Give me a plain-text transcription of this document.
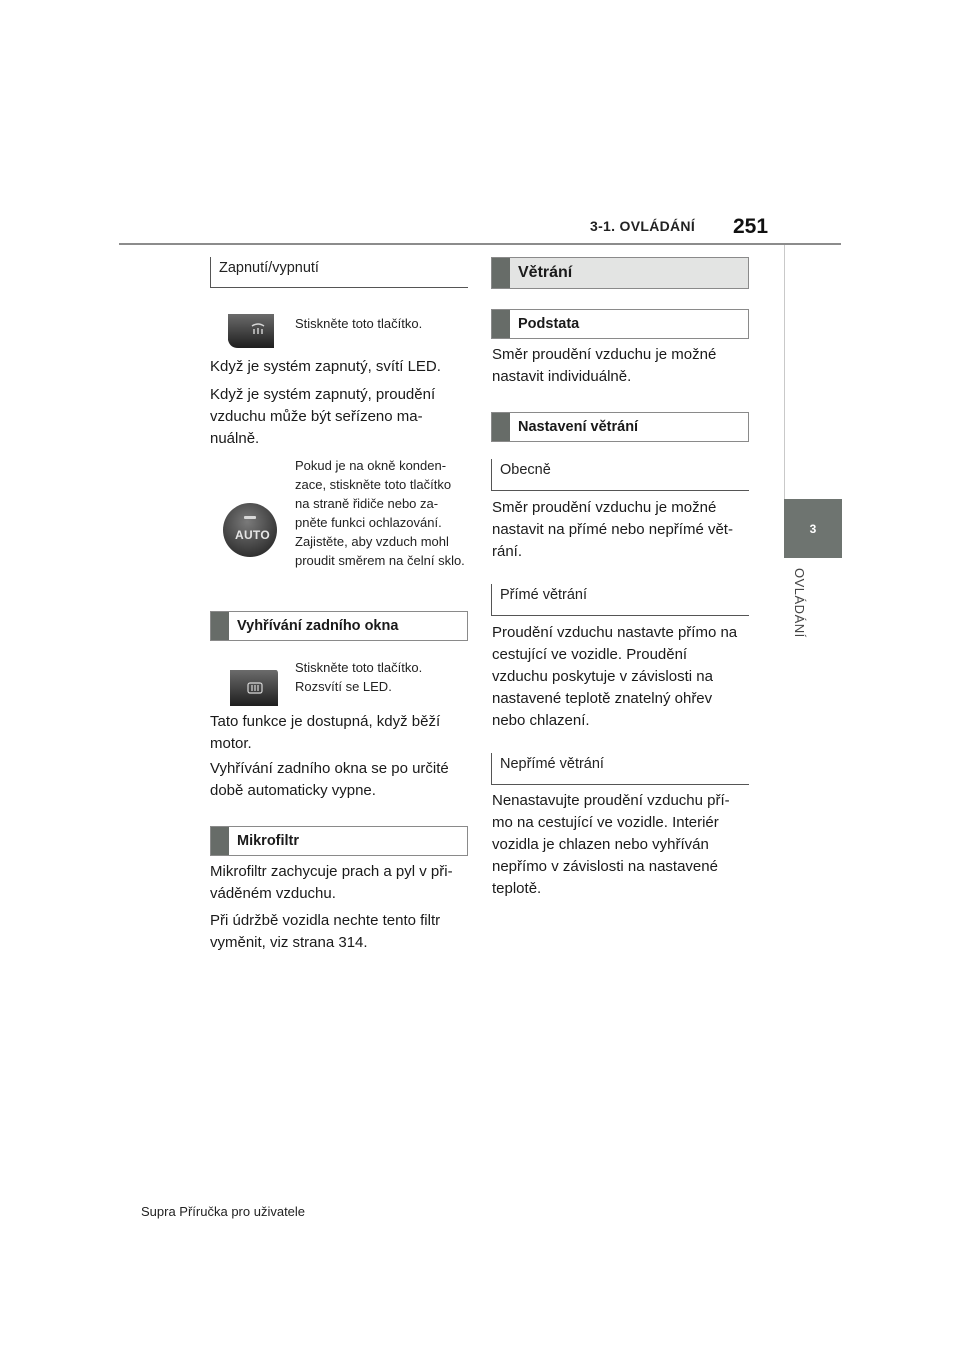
3-1. OVLÁDÁNÍ 251
3
OVLÁDÁNÍ
Zapnutí/vypnutí
Stiskněte toto tlačítko.
Když je systém zapnutý, svítí LED.
Když je systém zapnutý, proudění vzduchu může být seřízeno ma-nuálně.
AUTO
Pokud je na okně konden-zace, stiskněte toto tlačítko na straně řidiče nebo za-pněte funkci ochlazování. Zajistěte, aby vzduch mohl proudit směrem na čelní sklo.
Vyhřívání zadního okna
Stiskněte toto tlačítko. Rozsvítí se LED.
Tato funkce je dostupná, když běží motor.
Vyhřívání zadního okna se po určité době automaticky vypne.
Mikrofiltr
Mikrofiltr zachycuje prach a pyl v při-váděném vzduchu.
Při údržbě vozidla nechte tento filtr vyměnit, viz strana 314.
Větrání
Podstata
Směr proudění vzduchu je možné nastavit individuálně.
Nastavení větrání
Obecně
Směr proudění vzduchu je možné nastavit na přímé nebo nepřímé vět-rání.
Přímé větrání
Proudění vzduchu nastavte přímo na cestující ve vozidle. Proudění vzduchu poskytuje v závislosti na nastavené teplotě znatelný ohřev nebo chlazení.
Nepřímé větrání
Nenastavujte proudění vzduchu pří-mo na cestující ve vozidle. Interiér vozidla je chlazen nebo vyhříván nepřímo v závislosti na nastavené teplotě.
Supra Příručka pro uživatele
